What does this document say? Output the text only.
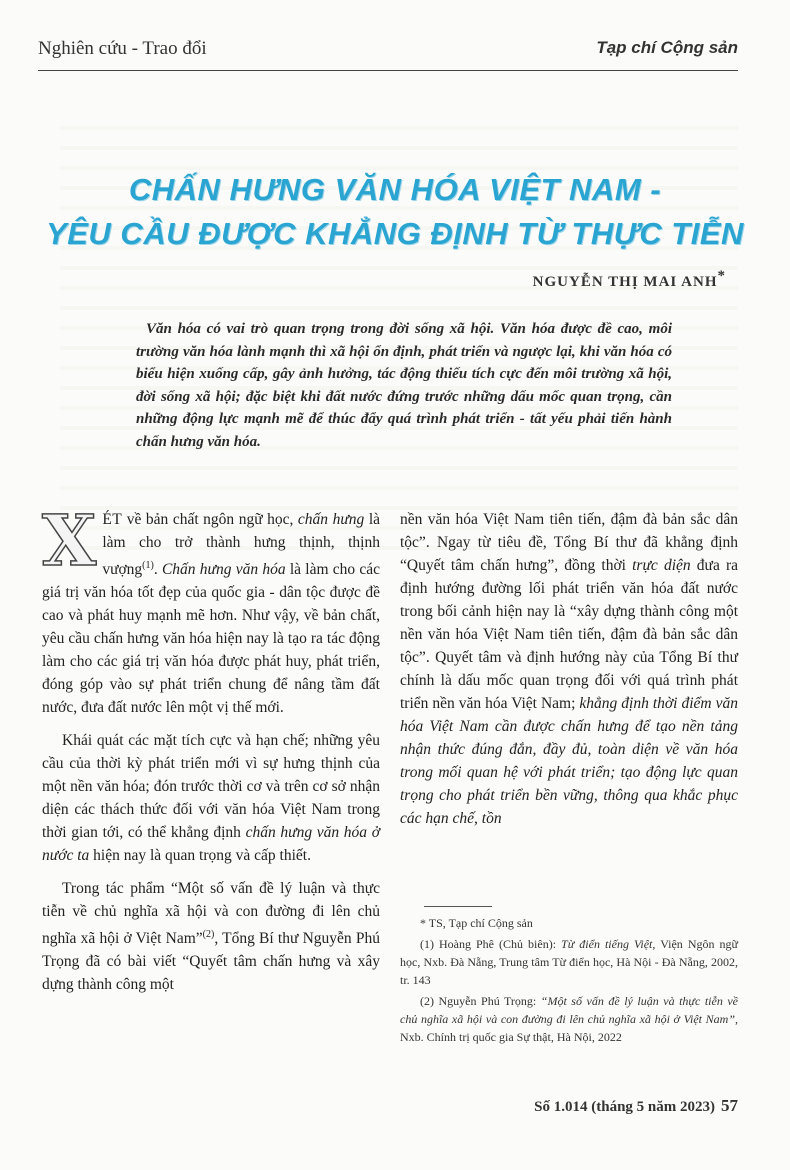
Nghiên cứu - Trao đổi	Tạp chí Cộng sản
CHẤN HƯNG VĂN HÓA VIỆT NAM -
YÊU CẦU ĐƯỢC KHẲNG ĐỊNH TỪ THỰC TIỄN
NGUYỄN THỊ MAI ANH*
Văn hóa có vai trò quan trọng trong đời sống xã hội. Văn hóa được đề cao, môi trường văn hóa lành mạnh thì xã hội ổn định, phát triển và ngược lại, khi văn hóa có biểu hiện xuống cấp, gây ảnh hưởng, tác động thiếu tích cực đến môi trường xã hội, đời sống xã hội; đặc biệt khi đất nước đứng trước những dấu mốc quan trọng, cần những động lực mạnh mẽ để thúc đẩy quá trình phát triển - tất yếu phải tiến hành chấn hưng văn hóa.

XÉT về bản chất ngôn ngữ học, chấn hưng là làm cho trở thành hưng thịnh, thịnh vượng$^{(1)}$. Chấn hưng văn hóa là làm cho các giá trị văn hóa tốt đẹp của quốc gia - dân tộc được đề cao và phát huy mạnh mẽ hơn. Như vậy, về bản chất, yêu cầu chấn hưng văn hóa hiện nay là tạo ra tác động làm cho các giá trị văn hóa được phát huy, phát triển, đóng góp vào sự phát triển chung để nâng tầm đất nước, đưa đất nước lên một vị thế mới.

Khái quát các mặt tích cực và hạn chế; những yêu cầu của thời kỳ phát triển mới vì sự hưng thịnh của một nền văn hóa; đón trước thời cơ và trên cơ sở nhận diện các thách thức đối với văn hóa Việt Nam trong thời gian tới, có thể khẳng định chấn hưng văn hóa ở nước ta hiện nay là quan trọng và cấp thiết.

Trong tác phẩm “Một số vấn đề lý luận và thực tiễn về chủ nghĩa xã hội và con đường đi lên chủ nghĩa xã hội ở Việt Nam”$^{(2)}$, Tổng Bí thư Nguyễn Phú Trọng đã có bài viết “Quyết tâm chấn hưng và xây dựng thành công một

nền văn hóa Việt Nam tiên tiến, đậm đà bản sắc dân tộc”. Ngay từ tiêu đề, Tổng Bí thư đã khẳng định “Quyết tâm chấn hưng”, đồng thời trực diện đưa ra định hướng đường lối phát triển văn hóa đất nước trong bối cảnh hiện nay là “xây dựng thành công một nền văn hóa Việt Nam tiên tiến, đậm đà bản sắc dân tộc”. Quyết tâm và định hướng này của Tổng Bí thư chính là dấu mốc quan trọng đối với quá trình phát triển nền văn hóa Việt Nam; khẳng định thời điểm văn hóa Việt Nam cần được chấn hưng để tạo nền tảng nhận thức đúng đắn, đầy đủ, toàn diện về văn hóa trong mối quan hệ với phát triển; tạo động lực quan trọng cho phát triển bền vững, thông qua khắc phục các hạn chế, tồn

* TS, Tạp chí Cộng sản

(1) Hoàng Phê (Chủ biên): Từ điển tiếng Việt, Viện Ngôn ngữ học, Nxb. Đà Nẵng, Trung tâm Từ điển học, Hà Nội - Đà Nẵng, 2002, tr. 143

(2) Nguyễn Phú Trọng: “Một số vấn đề lý luận và thực tiễn về chủ nghĩa xã hội và con đường đi lên chủ nghĩa xã hội ở Việt Nam”, Nxb. Chính trị quốc gia Sự thật, Hà Nội, 2022

Số 1.014 (tháng 5 năm 2023) 57
